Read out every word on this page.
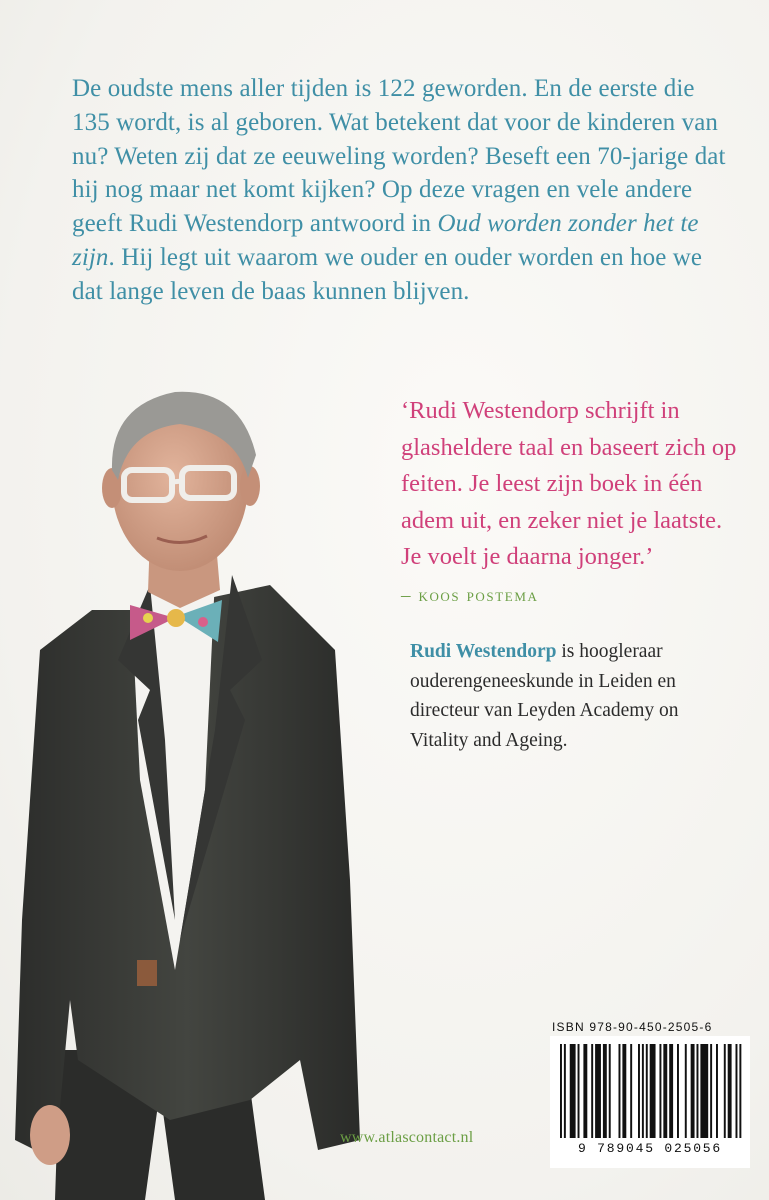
De oudste mens aller tijden is 122 geworden. En de eerste die 135 wordt, is al geboren. Wat betekent dat voor de kinderen van nu? Weten zij dat ze eeuweling worden? Beseft een 70-jarige dat hij nog maar net komt kijken? Op deze vragen en vele andere geeft Rudi Westendorp antwoord in Oud worden zonder het te zijn. Hij legt uit waarom we ouder en ouder worden en hoe we dat lange leven de baas kunnen blijven.

‘Rudi Westendorp schrijft in glasheldere taal en baseert zich op feiten. Je leest zijn boek in één adem uit, en zeker niet je laatste. Je voelt je daarna jonger.’ – koos postema
Rudi Westendorp is hoogleraar ouderengeneeskunde in Leiden en directeur van Leyden Academy on Vitality and Ageing.
www.atlascontact.nl
ISBN 978-90-450-2505-6
9 789045 025056
